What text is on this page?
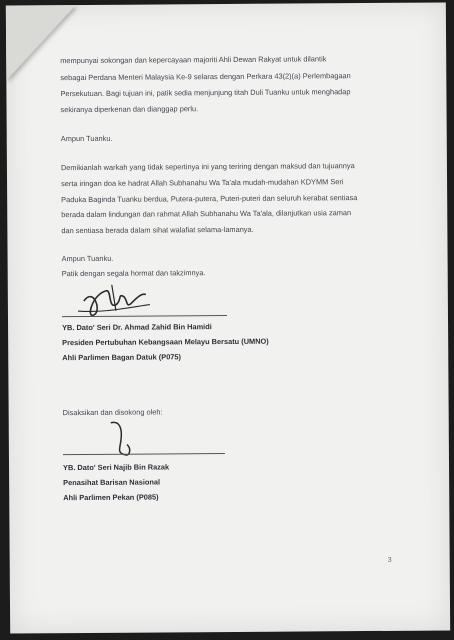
mempunyai sokongan dan kepercayaan majoriti Ahli Dewan Rakyat untuk dilantik
sebagai Perdana Menteri Malaysia Ke-9 selaras dengan Perkara 43(2)(a) Perlembagaan
Persekutuan. Bagi tujuan ini, patik sedia menjunjung titah Duli Tuanku untuk menghadap
sekiranya diperkenan dan dianggap perlu.
Ampun Tuanku.
Demikianlah warkah yang tidak sepertinya ini yang teriring dengan maksud dan tujuannya
serta iringan doa ke hadrat Allah Subhanahu Wa Ta'ala mudah-mudahan KDYMM Seri
Paduka Baginda Tuanku berdua, Putera-putera, Puteri-puteri dan seluruh kerabat sentiasa
berada dalam lindungan dan rahmat Allah Subhanahu Wa Ta'ala, dilanjutkan usia zaman
dan sentiasa berada dalam sihat walafiat selama-lamanya.
Ampun Tuanku.
Patik dengan segala hormat dan takzimnya.
YB. Dato' Seri Dr. Ahmad Zahid Bin Hamidi
Presiden Pertubuhan Kebangsaan Melayu Bersatu (UMNO)
Ahli Parlimen Bagan Datuk (P075)
Disaksikan dan disokong oleh:
YB. Dato' Seri Najib Bin Razak
Penasihat Barisan Nasional
Ahli Parlimen Pekan (P085)
3
